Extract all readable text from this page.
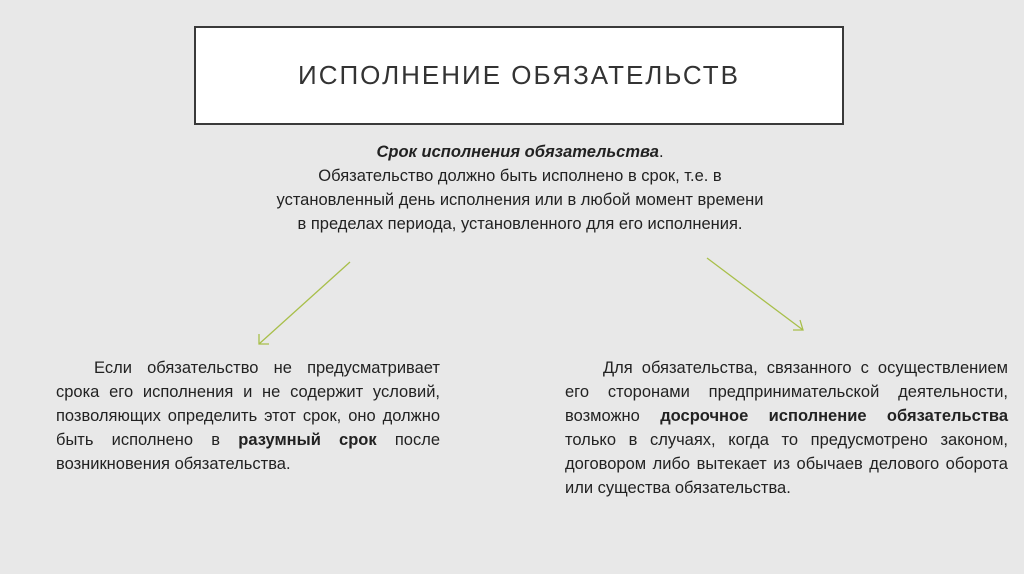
ИСПОЛНЕНИЕ ОБЯЗАТЕЛЬСТВ
Срок исполнения обязательства.
Обязательство должно быть исполнено в срок, т.е. в установленный день исполнения или в любой момент времени в пределах периода, установленного для его исполнения.

Если обязательство не предусматривает срока его исполнения и не содержит условий, позволяющих определить этот срок, оно должно быть исполнено в разумный срок после возникновения обязательства.

Для обязательства, связанного с осуществлением его сторонами предпринимательской деятельности, возможно досрочное исполнение обязательства только в случаях, когда то предусмотрено законом, договором либо вытекает из обычаев делового оборота или существа обязательства.
